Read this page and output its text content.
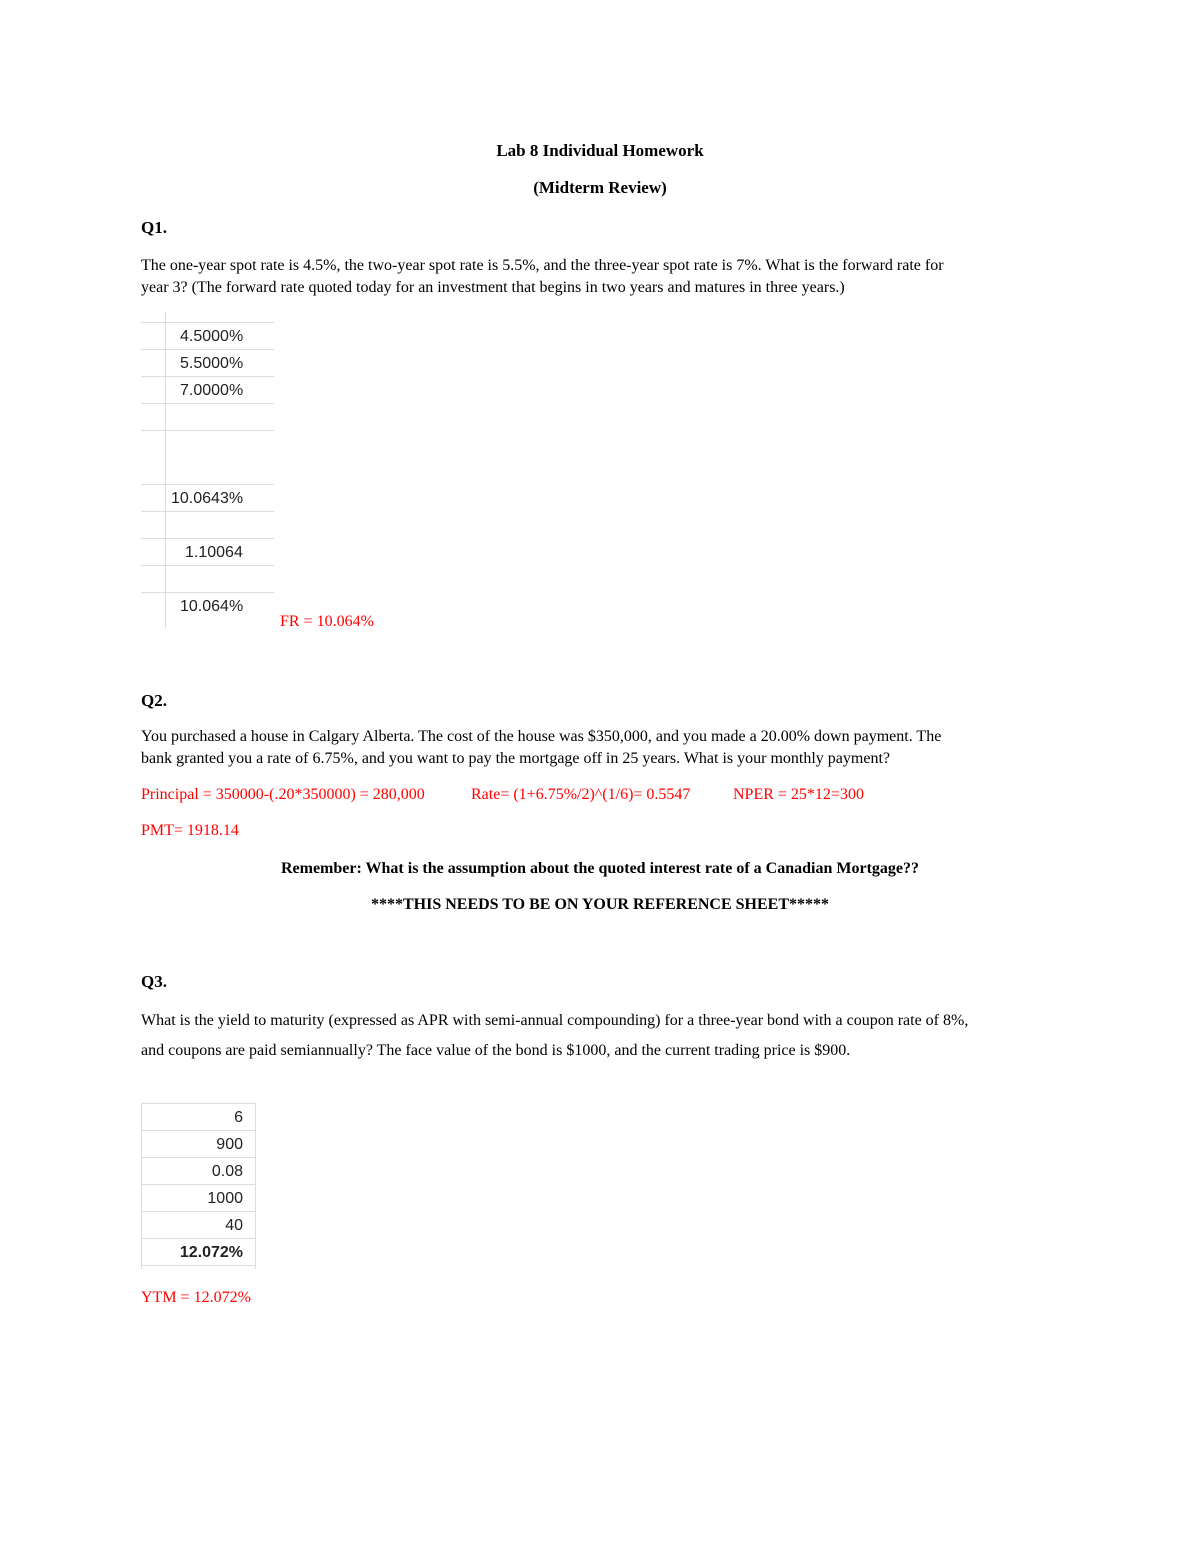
Lab 8 Individual Homework
(Midterm Review)
Q1.
The one-year spot rate is 4.5%, the two-year spot rate is 5.5%, and the three-year spot rate is 7%. What is the forward rate for
year 3? (The forward rate quoted today for an investment that begins in two years and matures in three years.)
4.5000%
5.5000%
7.0000%
10.0643%
1.10064
10.064%
FR = 10.064%
Q2.
You purchased a house in Calgary Alberta. The cost of the house was $350,000, and you made a 20.00% down payment. The
bank granted you a rate of 6.75%, and you want to pay the mortgage off in 25 years. What is your monthly payment?
Principal = 350000-(.20*350000) = 280,000	Rate= (1+6.75%/2)^(1/6)= 0.5547	NPER = 25*12=300
PMT= 1918.14
Remember: What is the assumption about the quoted interest rate of a Canadian Mortgage??
****THIS NEEDS TO BE ON YOUR REFERENCE SHEET*****
Q3.
What is the yield to maturity (expressed as APR with semi-annual compounding) for a three-year bond with a coupon rate of 8%,
and coupons are paid semiannually? The face value of the bond is $1000, and the current trading price is $900.
6
900
0.08
1000
40
12.072%
YTM = 12.072%
